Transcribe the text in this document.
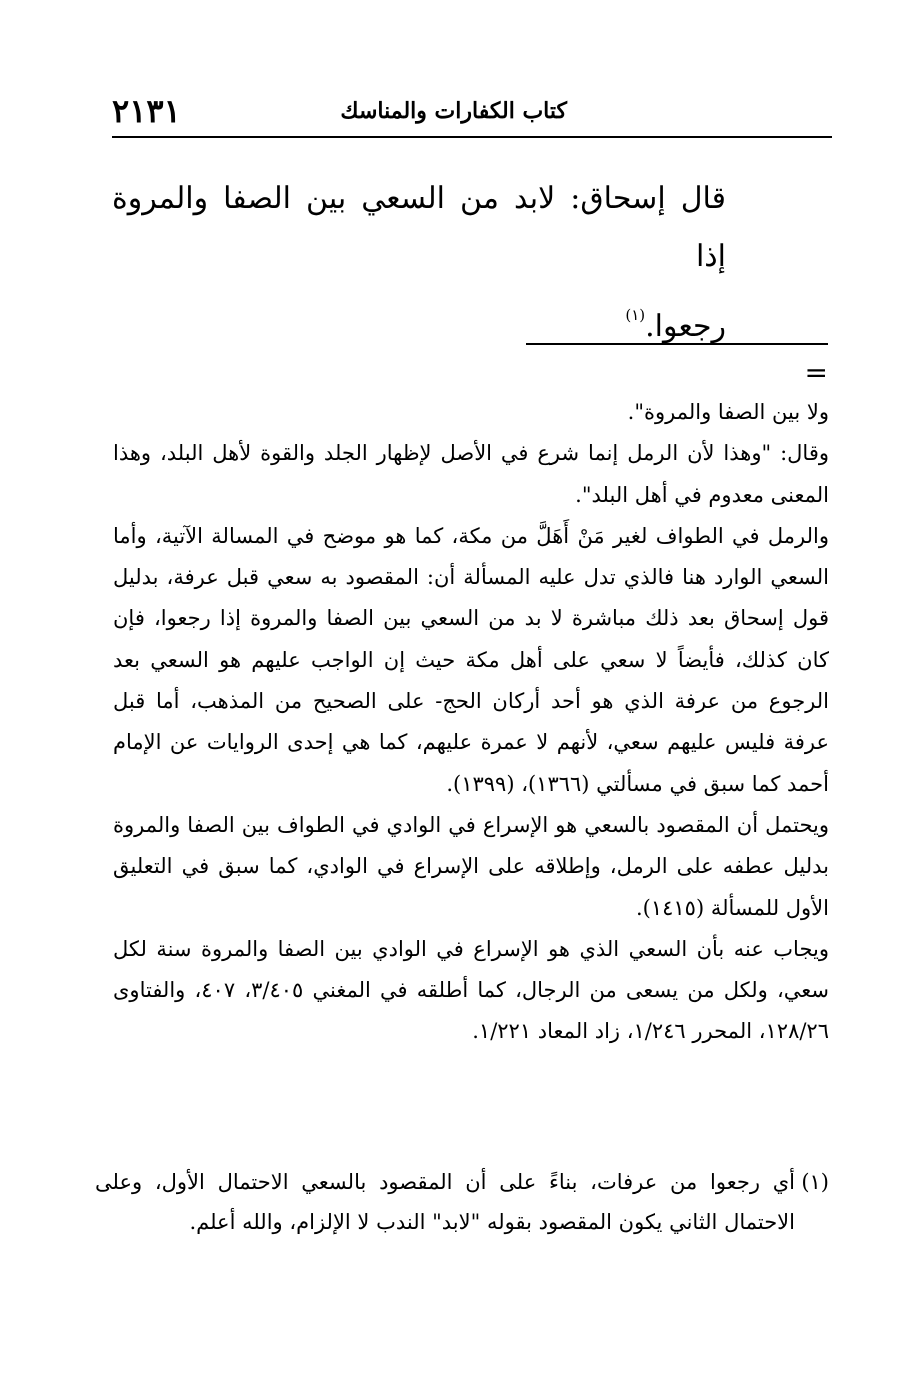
كتاب الكفارات والمناسك
٢١٣١
قال إسحاق: لابد من السعي بين الصفا والمروة إذا
رجعوا.$^{(١)}$
=

ولا بين الصفا والمروة".

وقال: "وهذا لأن الرمل إنما شرع في الأصل لإظهار الجلد والقوة لأهل البلد، وهذا

المعنى معدوم في أهل البلد".

والرمل في الطواف لغير مَنْ أَهَلَّ من مكة، كما هو موضح في المسالة الآتية، وأما

السعي الوارد هنا فالذي تدل عليه المسألة أن: المقصود به سعي قبل عرفة، بدليل

قول إسحاق بعد ذلك مباشرة لا بد من السعي بين الصفا والمروة إذا رجعوا، فإن

كان كذلك، فأيضاً لا سعي على أهل مكة حيث إن الواجب عليهم هو السعي بعد

الرجوع من عرفة الذي هو أحد أركان الحج- على الصحيح من المذهب، أما قبل

عرفة فليس عليهم سعي، لأنهم لا عمرة عليهم، كما هي إحدى الروايات عن الإمام

أحمد كما سبق في مسألتي (١٣٦٦)، (١٣٩٩).

ويحتمل أن المقصود بالسعي هو الإسراع في الوادي في الطواف بين الصفا والمروة

بدليل عطفه على الرمل، وإطلاقه على الإسراع في الوادي، كما سبق في التعليق

الأول للمسألة (١٤١٥).

ويجاب عنه بأن السعي الذي هو الإسراع في الوادي بين الصفا والمروة سنة لكل

سعي، ولكل من يسعى من الرجال، كما أطلقه في المغني ٣/٤٠٥، ٤٠٧، والفتاوى

١٢٨/٢٦، المحرر ١/٢٤٦، زاد المعاد ١/٢٢١.

(١)أي رجعوا من عرفات، بناءً على أن المقصود بالسعي الاحتمال الأول، وعلى

الاحتمال الثاني يكون المقصود بقوله "لابد" الندب لا الإلزام، والله أعلم.
